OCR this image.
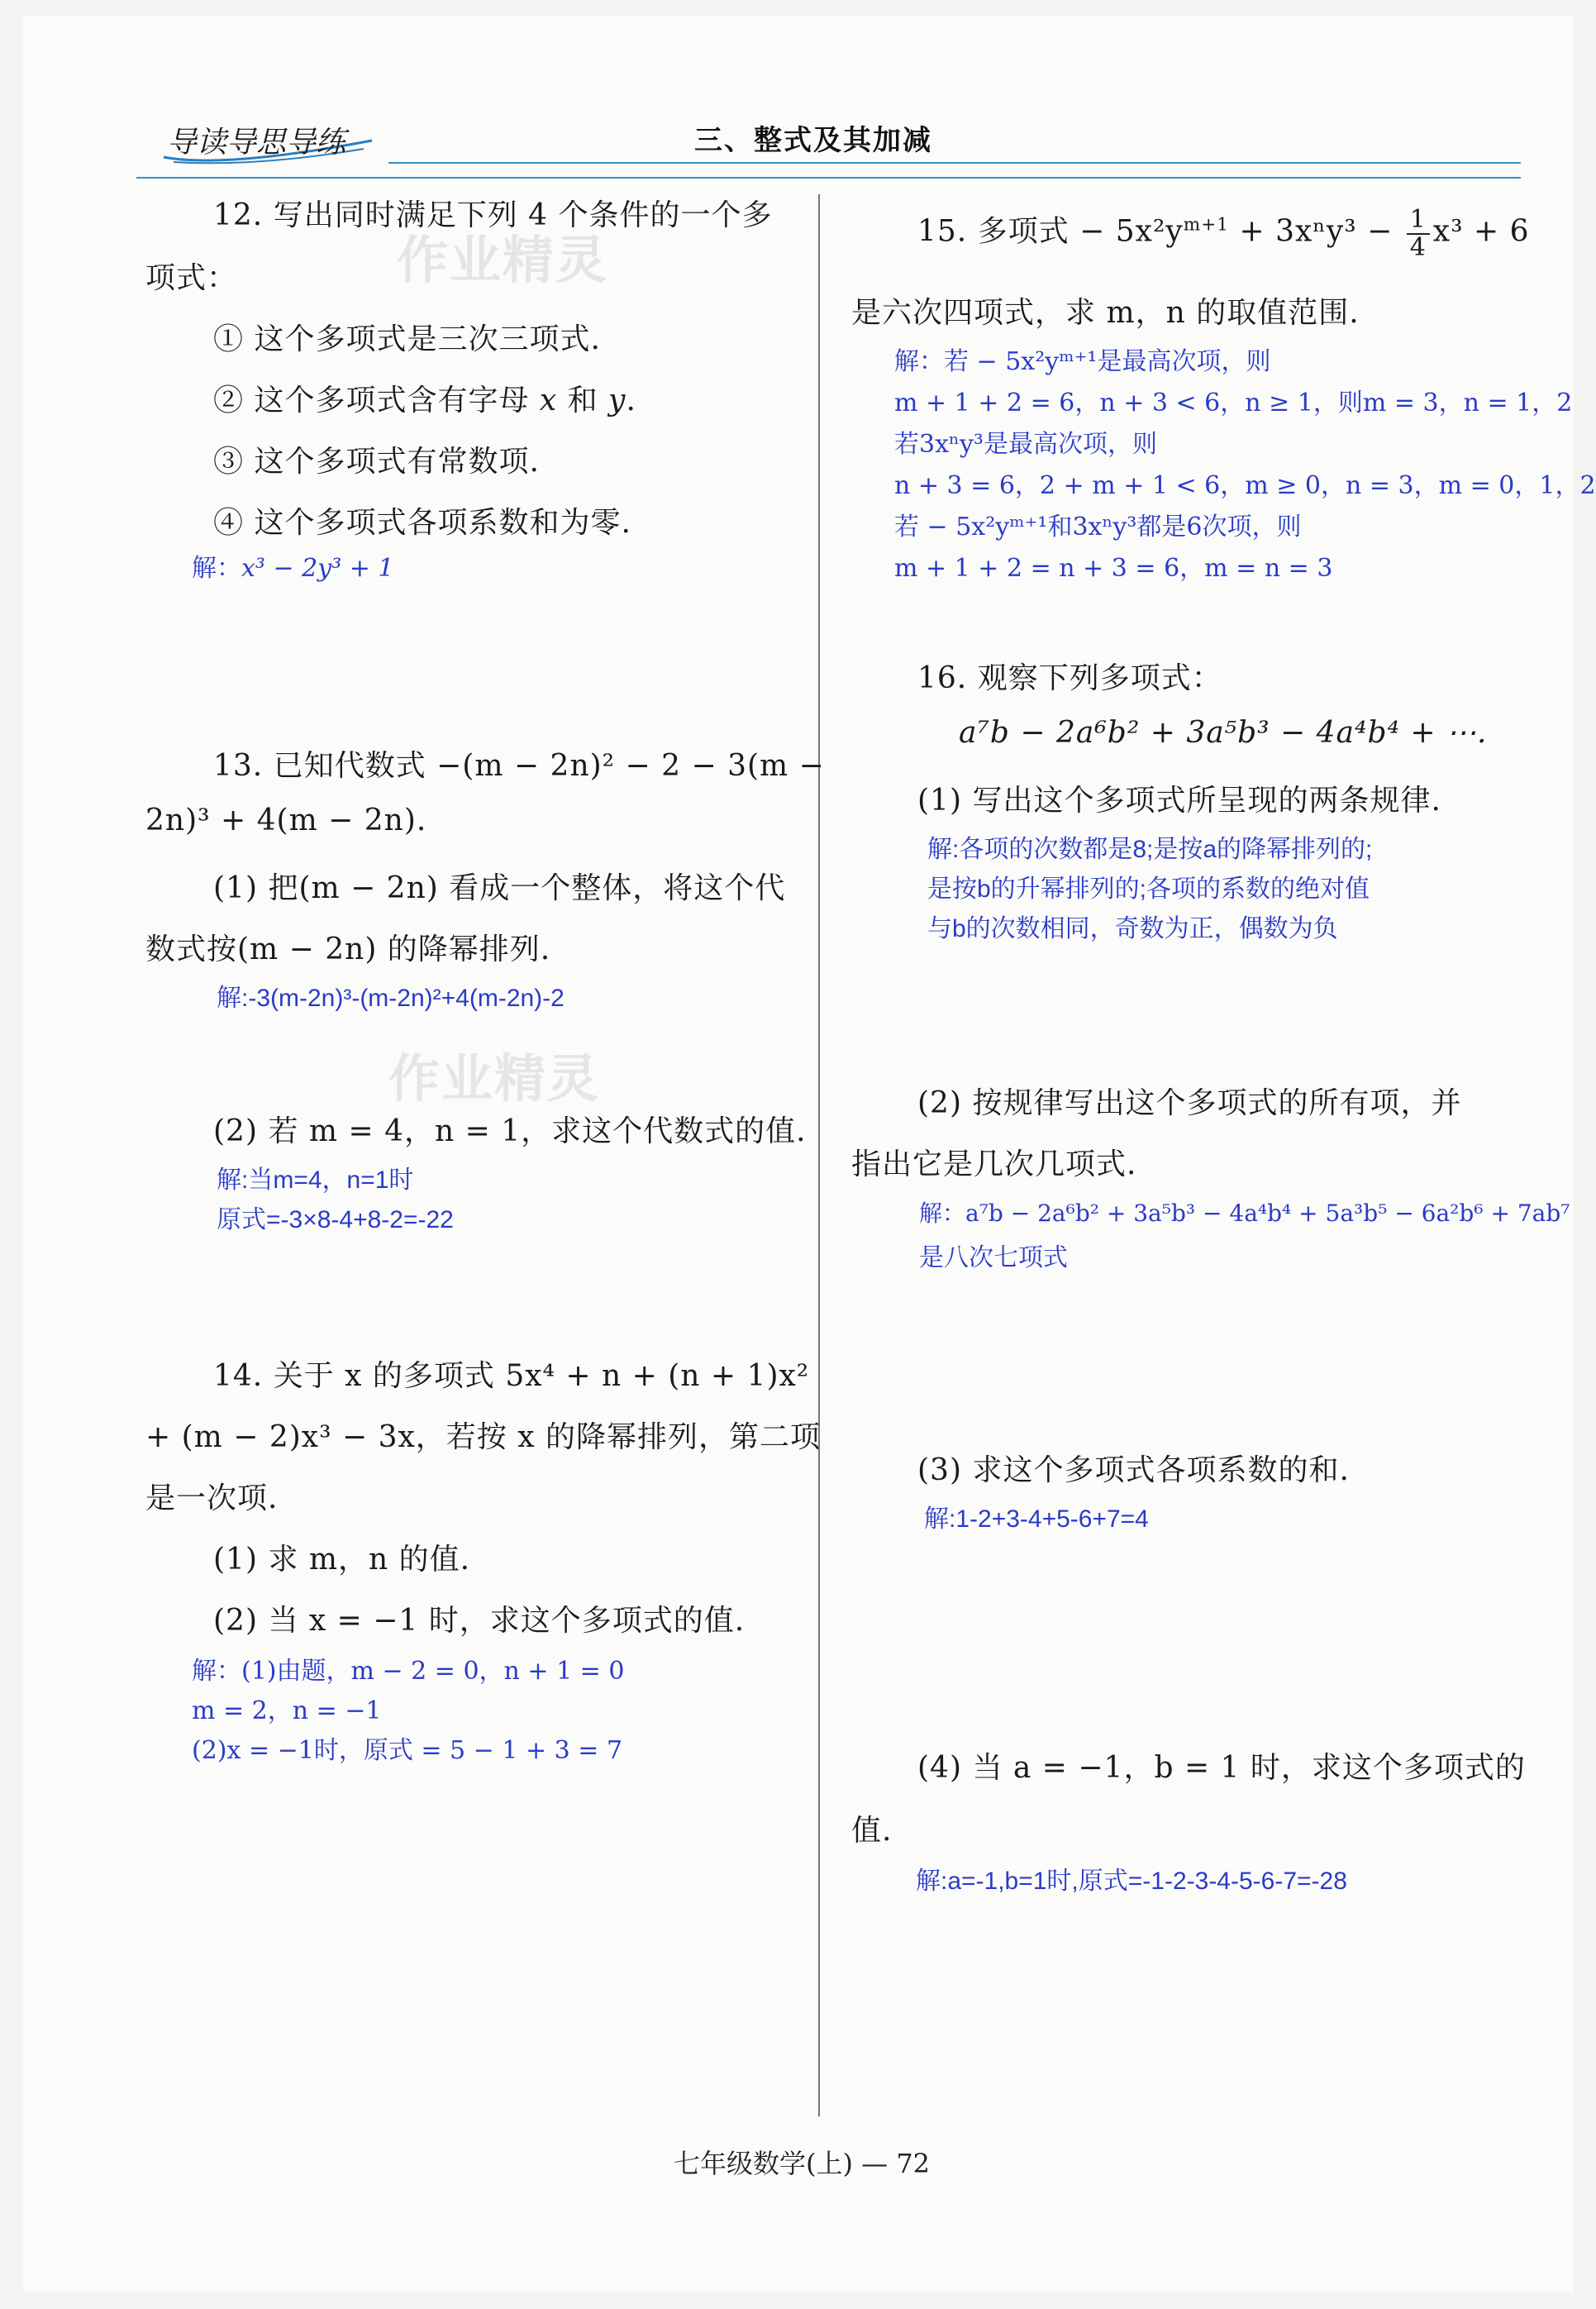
导读导思导练	三、整式及其加减
作业精灵
作业精灵
12. 写出同时满足下列 4 个条件的一个多
项式：
① 这个多项式是三次三项式.
② 这个多项式含有字母 x 和 y.
③ 这个多项式有常数项.
④ 这个多项式各项系数和为零.
解：x³ − 2y³ + 1
13. 已知代数式 −(m − 2n)² − 2 − 3(m −
2n)³ + 4(m − 2n).
(1) 把(m − 2n) 看成一个整体，将这个代
数式按(m − 2n) 的降幂排列.
解:-3(m-2n)³-(m-2n)²+4(m-2n)-2
(2) 若 m = 4，n = 1，求这个代数式的值.
解:当m=4，n=1时
原式=-3×8-4+8-2=-22
14. 关于 x 的多项式 5x⁴ + n + (n + 1)x²
+ (m − 2)x³ − 3x，若按 x 的降幂排列，第二项
是一次项.
(1) 求 m，n 的值.
(2) 当 x = −1 时，求这个多项式的值.
解：(1)由题，m − 2 = 0，n + 1 = 0
m = 2，n = −1
(2)x = −1时，原式 = 5 − 1 + 3 = 7
15. 多项式 − $5x^2y^{m+1} + 3x^ny^3 - \frac{1}{4} x^3 + 6$
是六次四项式，求 m，n 的取值范围.
解：若 − 5x²yᵐ⁺¹是最高次项，则
m + 1 + 2 = 6，n + 3 < 6，n ≥ 1，则m = 3，n = 1，2
若3xⁿy³是最高次项，则
n + 3 = 6，2 + m + 1 < 6，m ≥ 0，n = 3，m = 0，1，2
若 − 5x²yᵐ⁺¹和3xⁿy³都是6次项，则
m + 1 + 2 = n + 3 = 6，m = n = 3
16. 观察下列多项式：
a⁷b − 2a⁶b² + 3a⁵b³ − 4a⁴b⁴ + ⋯.
(1) 写出这个多项式所呈现的两条规律.
解:各项的次数都是8;是按a的降幂排列的;
是按b的升幂排列的;各项的系数的绝对值
与b的次数相同，奇数为正，偶数为负
(2) 按规律写出这个多项式的所有项，并
指出它是几次几项式.
解：a⁷b − 2a⁶b² + 3a⁵b³ − 4a⁴b⁴ + 5a³b⁵ − 6a²b⁶ + 7ab⁷
是八次七项式
(3) 求这个多项式各项系数的和.
解:1-2+3-4+5-6+7=4
(4) 当 a = −1，b = 1 时，求这个多项式的
值.
解:a=-1,b=1时,原式=-1-2-3-4-5-6-7=-28
七年级数学(上) — 72
